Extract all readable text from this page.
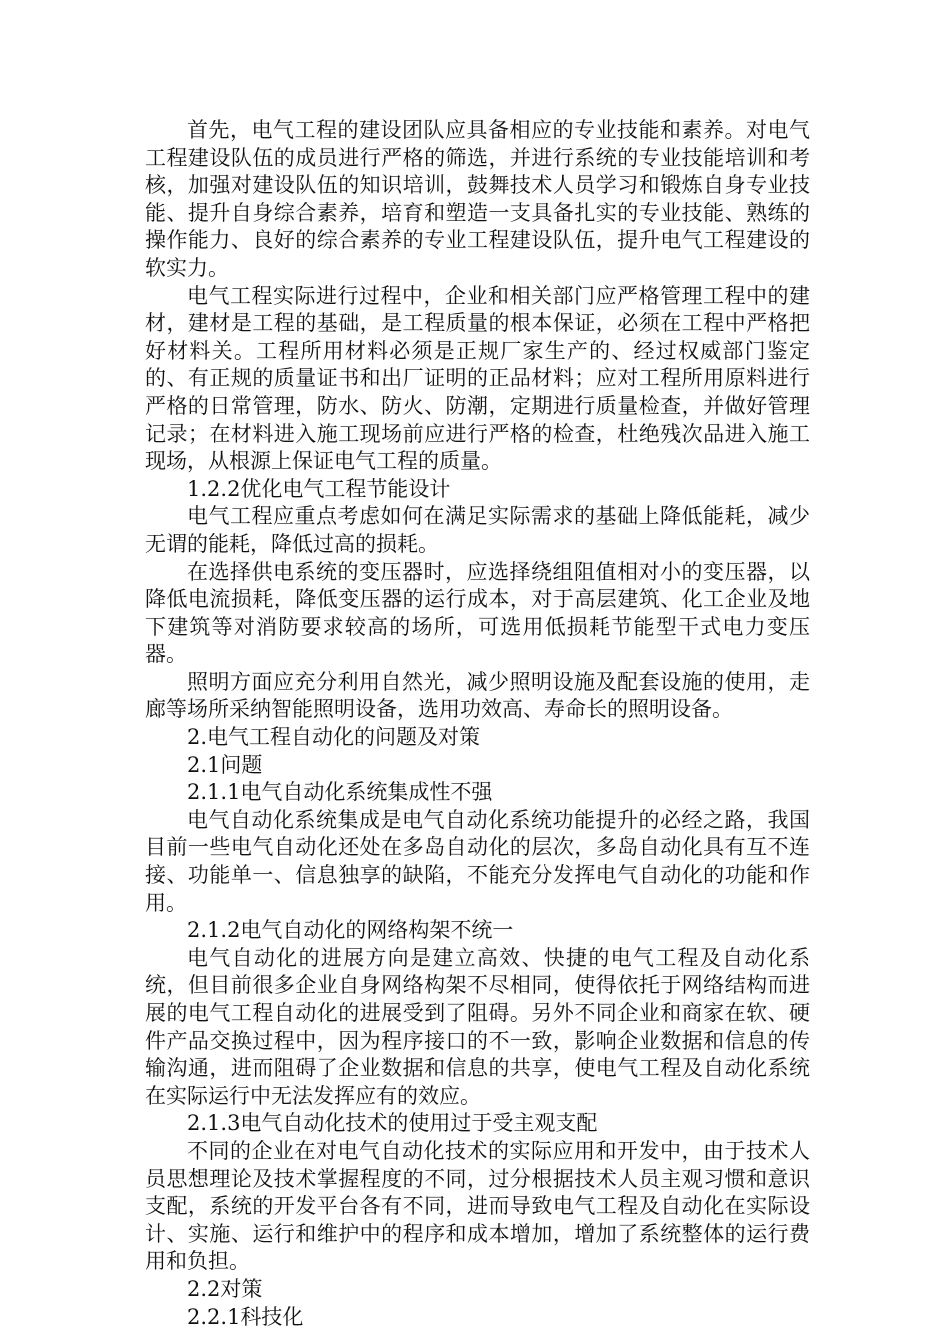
首先，电气工程的建设团队应具备相应的专业技能和素养。对电气工程建设队伍的成员进行严格的筛选，并进行系统的专业技能培训和考核，加强对建设队伍的知识培训，鼓舞技术人员学习和锻炼自身专业技能、提升自身综合素养，培育和塑造一支具备扎实的专业技能、熟练的操作能力、良好的综合素养的专业工程建设队伍，提升电气工程建设的软实力。

电气工程实际进行过程中，企业和相关部门应严格管理工程中的建材，建材是工程的基础，是工程质量的根本保证，必须在工程中严格把好材料关。工程所用材料必须是正规厂家生产的、经过权威部门鉴定的、有正规的质量证书和出厂证明的正品材料；应对工程所用原料进行严格的日常管理，防水、防火、防潮，定期进行质量检查，并做好管理记录；在材料进入施工现场前应进行严格的检查，杜绝残次品进入施工现场，从根源上保证电气工程的质量。

1.2.2优化电气工程节能设计

电气工程应重点考虑如何在满足实际需求的基础上降低能耗，减少无谓的能耗，降低过高的损耗。

在选择供电系统的变压器时，应选择绕组阻值相对小的变压器，以降低电流损耗，降低变压器的运行成本，对于高层建筑、化工企业及地下建筑等对消防要求较高的场所，可选用低损耗节能型干式电力变压器。

照明方面应充分利用自然光，减少照明设施及配套设施的使用，走廊等场所采纳智能照明设备，选用功效高、寿命长的照明设备。

2.电气工程自动化的问题及对策

2.1问题

2.1.1电气自动化系统集成性不强

电气自动化系统集成是电气自动化系统功能提升的必经之路，我国目前一些电气自动化还处在多岛自动化的层次，多岛自动化具有互不连接、功能单一、信息独享的缺陷，不能充分发挥电气自动化的功能和作用。

2.1.2电气自动化的网络构架不统一

电气自动化的进展方向是建立高效、快捷的电气工程及自动化系统，但目前很多企业自身网络构架不尽相同，使得依托于网络结构而进展的电气工程自动化的进展受到了阻碍。另外不同企业和商家在软、硬件产品交换过程中，因为程序接口的不一致，影响企业数据和信息的传输沟通，进而阻碍了企业数据和信息的共享，使电气工程及自动化系统在实际运行中无法发挥应有的效应。

2.1.3电气自动化技术的使用过于受主观支配

不同的企业在对电气自动化技术的实际应用和开发中，由于技术人员思想理论及技术掌握程度的不同，过分根据技术人员主观习惯和意识支配，系统的开发平台各有不同，进而导致电气工程及自动化在实际设计、实施、运行和维护中的程序和成本增加，增加了系统整体的运行费用和负担。

2.2对策

2.2.1科技化
